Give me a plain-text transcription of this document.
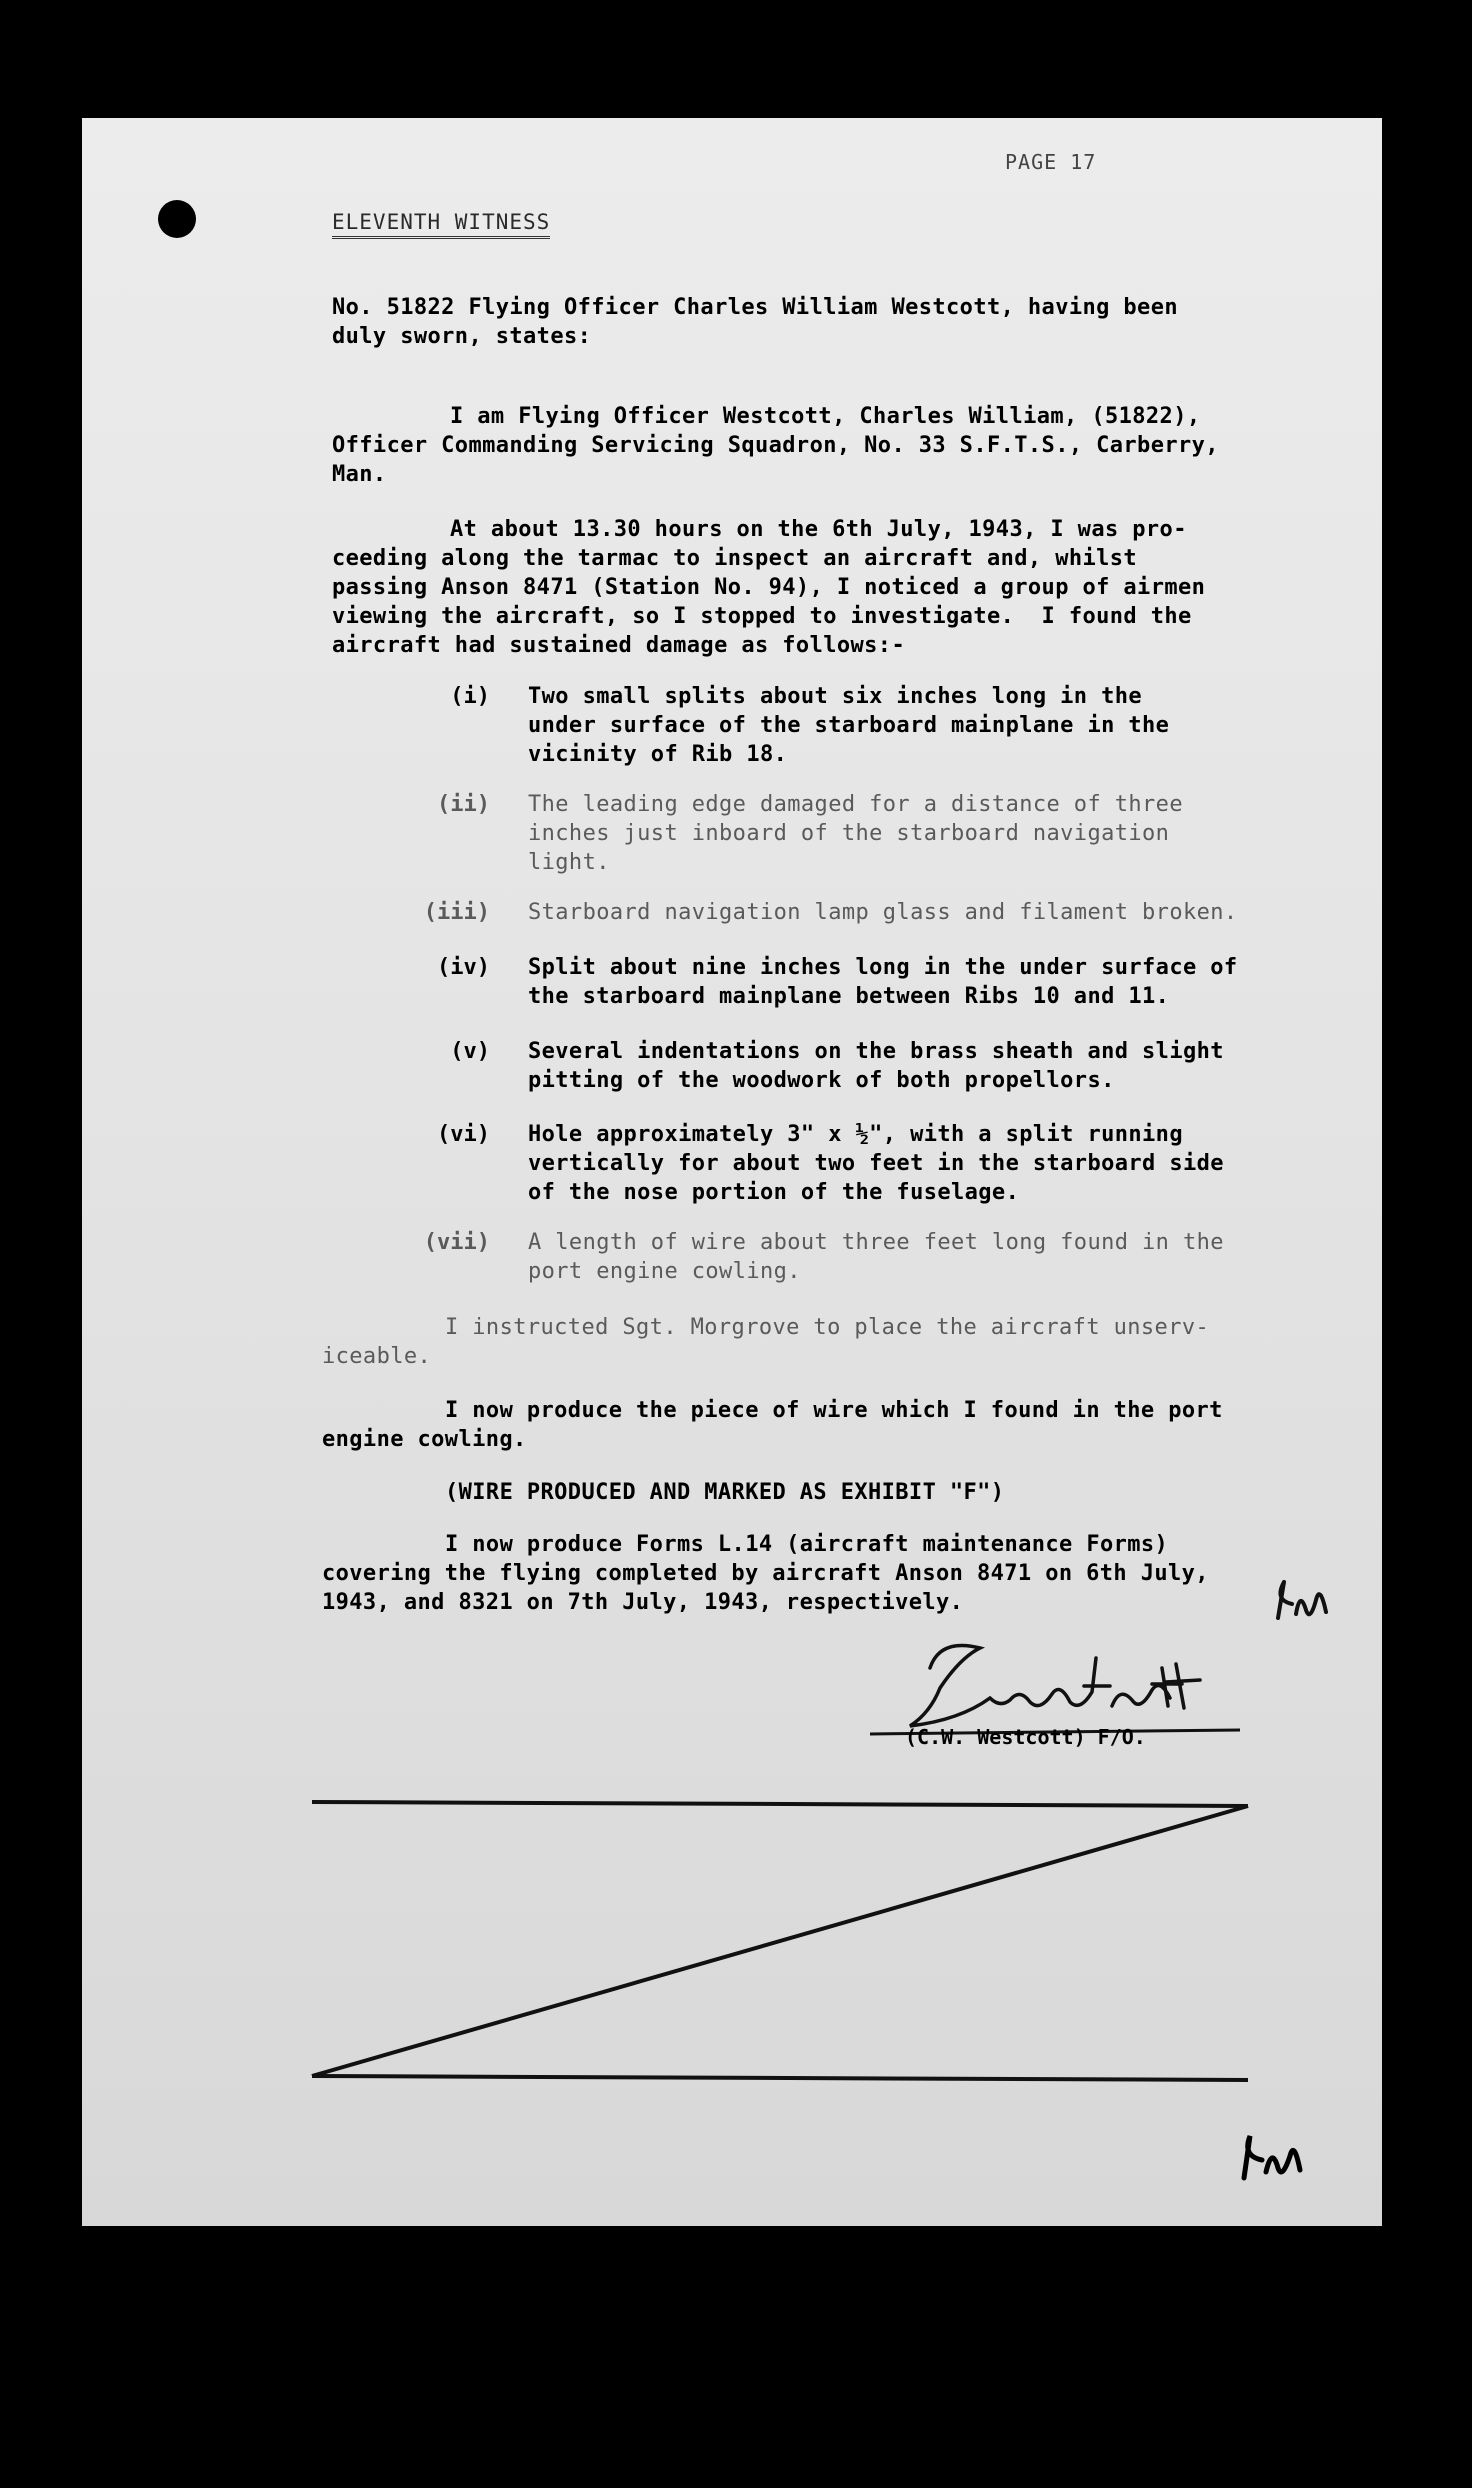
PAGE 17
ELEVENTH WITNESS
No. 51822 Flying Officer Charles William Westcott, having been
duly sworn, states:
I am Flying Officer Westcott, Charles William, (51822),
Officer Commanding Servicing Squadron, No. 33 S.F.T.S., Carberry,
Man.
At about 13.30 hours on the 6th July, 1943, I was pro-
ceeding along the tarmac to inspect an aircraft and, whilst
passing Anson 8471 (Station No. 94), I noticed a group of airmen
viewing the aircraft, so I stopped to investigate.  I found the
aircraft had sustained damage as follows:-
(i) Two small splits about six inches long in the
under surface of the starboard mainplane in the
vicinity of Rib 18.
(ii) The leading edge damaged for a distance of three
inches just inboard of the starboard navigation
light.
(iii) Starboard navigation lamp glass and filament broken.
(iv) Split about nine inches long in the under surface of
the starboard mainplane between Ribs 10 and 11.
(v) Several indentations on the brass sheath and slight
pitting of the woodwork of both propellors.
(vi) Hole approximately 3" x ½", with a split running
vertically for about two feet in the starboard side
of the nose portion of the fuselage.
(vii) A length of wire about three feet long found in the
port engine cowling.
I instructed Sgt. Morgrove to place the aircraft unserv-
iceable.
I now produce the piece of wire which I found in the port
engine cowling.
(WIRE PRODUCED AND MARKED AS EXHIBIT "F")
I now produce Forms L.14 (aircraft maintenance Forms)
covering the flying completed by aircraft Anson 8471 on 6th July,
1943, and 8321 on 7th July, 1943, respectively.
(C.W. Westcott) F/O.
